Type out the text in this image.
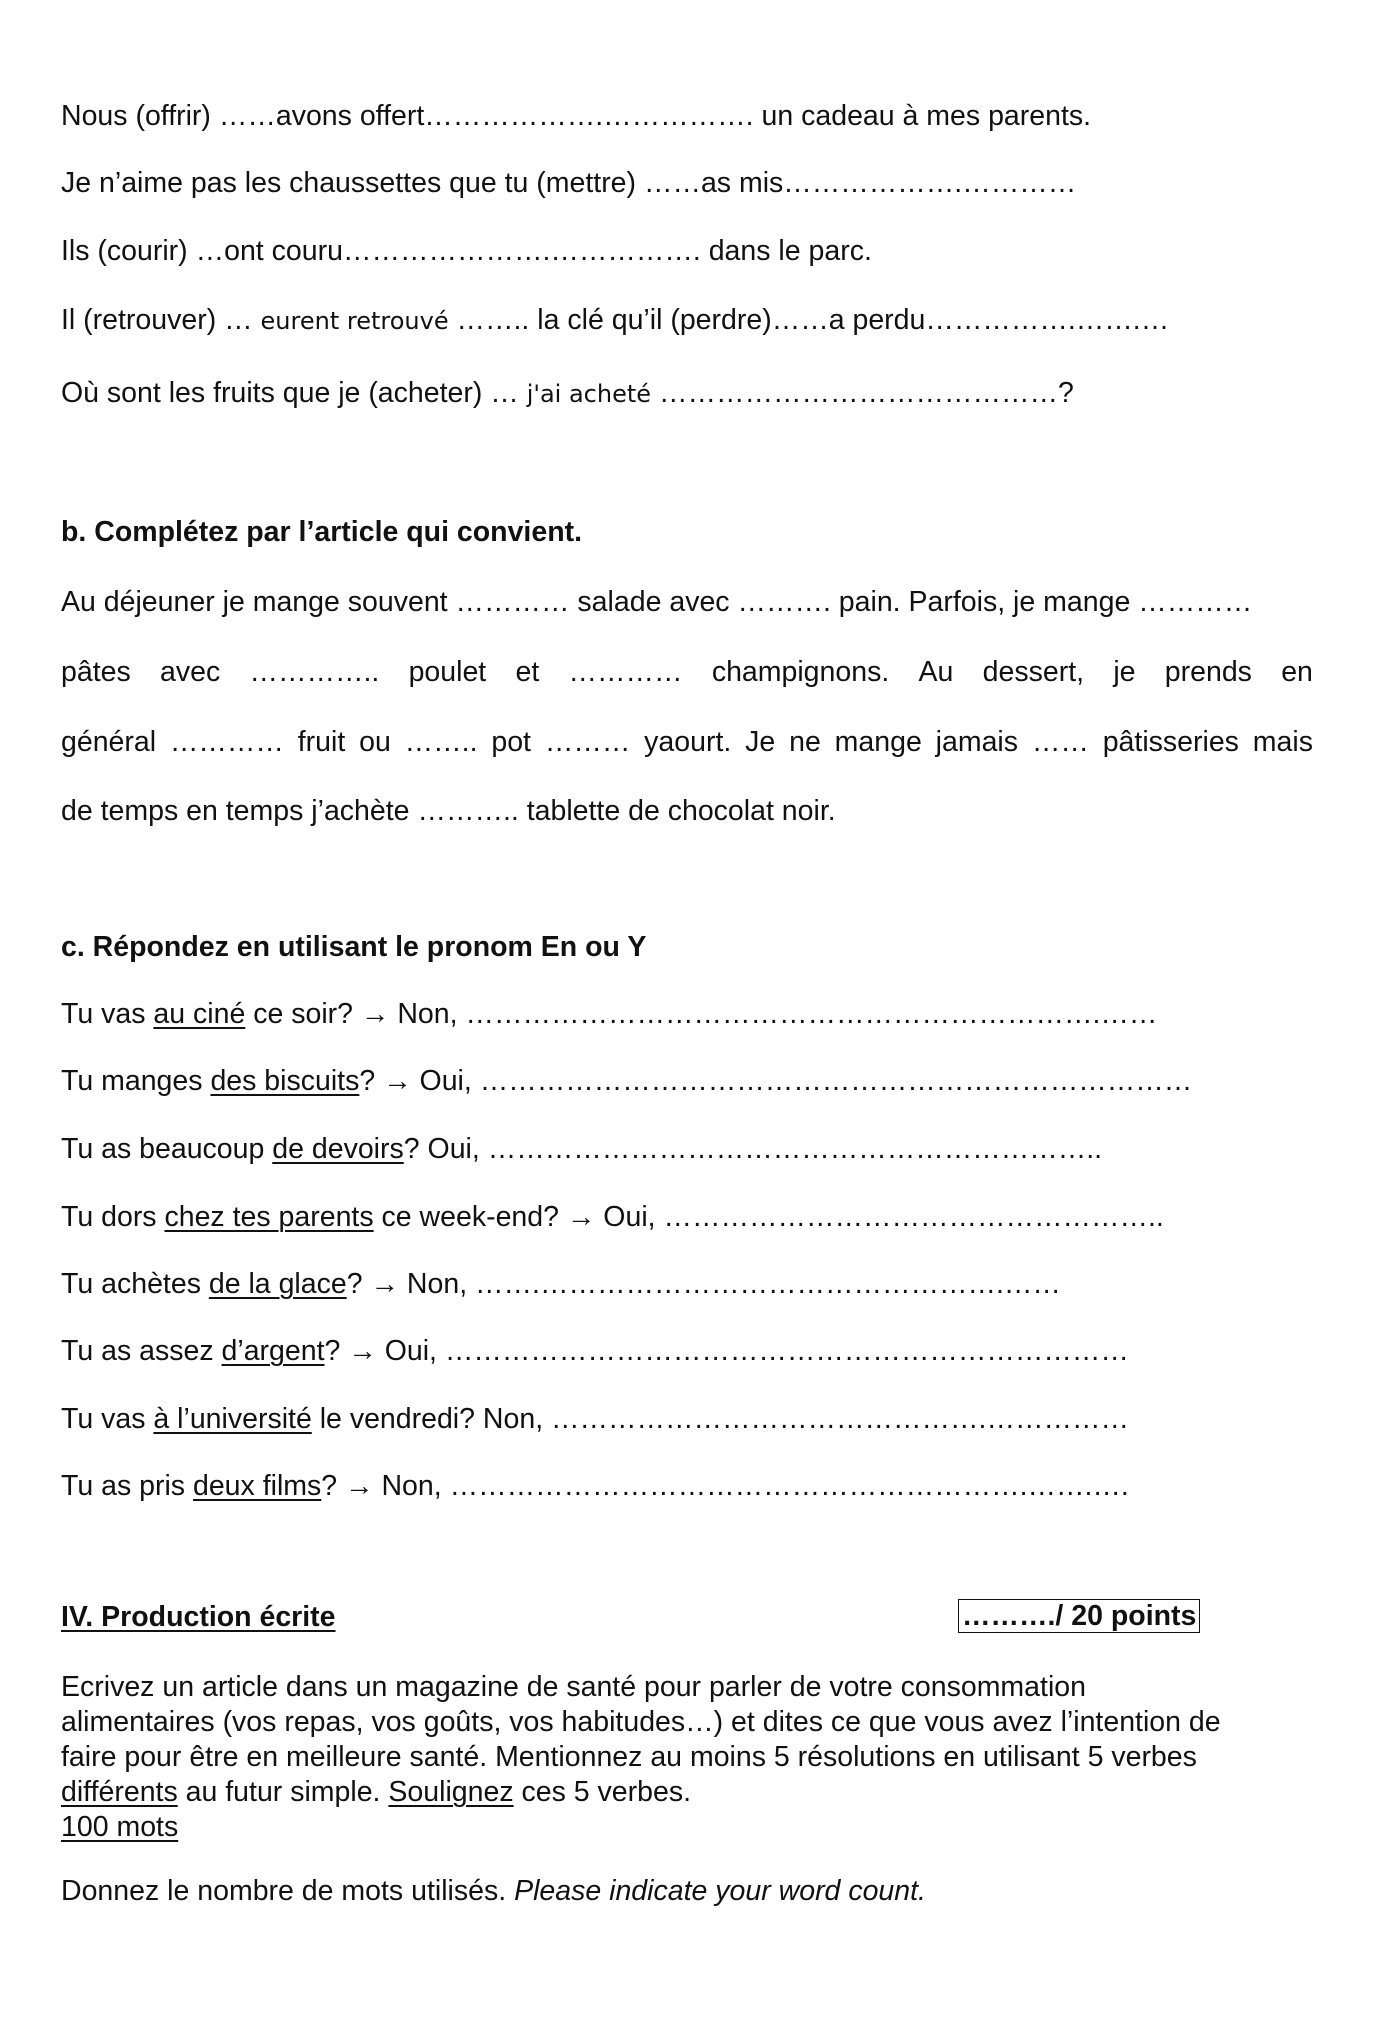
Nous (offrir) ……avons offert……………….……………. un cadeau à mes parents.
Je n’aime pas les chaussettes que tu (mettre) ……as mis……………….…………
Ils (courir) …ont couru………………….……………. dans le parc.
Il (retrouver) … eurent retrouvé …….. la clé qu’il (perdre)……a perdu…………….…….…
Où sont les fruits que je (acheter) … j'ai acheté ……………………………………?
b. Complétez par l’article qui convient.
Au déjeuner je mange souvent ………… salade avec ………. pain. Parfois, je mange …………
pâtes avec ………….. poulet et ………… champignons. Au dessert, je prends en
général ………… fruit ou …….. pot ……… yaourt. Je ne mange jamais …… pâtisseries mais
de temps en temps j’achète ……….. tablette de chocolat noir.
c. Répondez en utilisant le pronom En ou Y
Tu vas au ciné ce soir? → Non, ………………………………………………………….……
Tu manges des biscuits? → Oui, …………………………………………………………………
Tu as beaucoup de devoirs? Oui, ………………………………………………………..
Tu dors chez tes parents ce week-end? → Oui, ……………………………………………..
Tu achètes de la glace? → Non, …….………………………………………….……
Tu as assez d’argent? → Oui, ………………………………………………………………
Tu vas à l’université le vendredi? Non, ……………………………………….……………
Tu as pris deux films? → Non, …………………………………………………….…….….
IV. Production écrite	………./ 20 points
Ecrivez un article dans un magazine de santé pour parler de votre consommation
alimentaires (vos repas, vos goûts, vos habitudes…) et dites ce que vous avez l’intention de
faire pour être en meilleure santé. Mentionnez au moins 5 résolutions en utilisant 5 verbes
différents au futur simple. Soulignez ces 5 verbes.
100 mots
Donnez le nombre de mots utilisés. Please indicate your word count.
